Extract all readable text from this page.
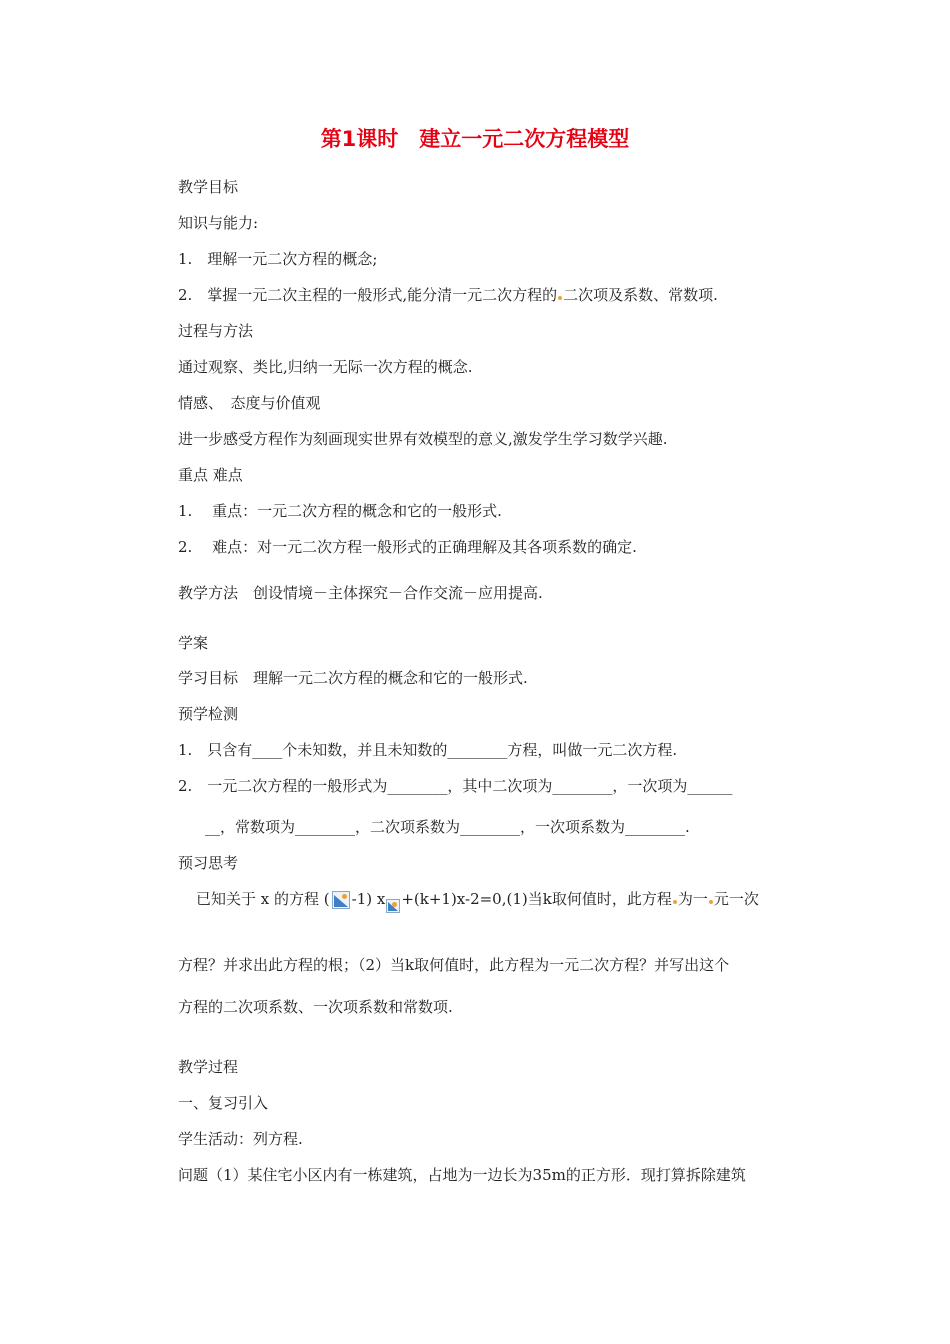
第1课时　建立一元二次方程模型
教学目标
知识与能力:
1.　理解一元二次方程的概念;
2.　掌握一元二次主程的一般形式,能分清一元二次方程的 二次项及系数、常数项.
过程与方法
通过观察、类比,归纳一无际一次方程的概念.
情感、　态度与价值观
进一步感受方程作为刻画现实世界有效模型的意义,激发学生学习数学兴趣.
重点 难点
1.　 重点：一元二次方程的概念和它的一般形式.
2.　 难点：对一元二次方程一般形式的正确理解及其各项系数的确定.
教学方法　创设情境－主体探究－合作交流－应用提高.
学案
学习目标　理解一元二次方程的概念和它的一般形式.
预学检测
1.　只含有____个未知数，并且未知数的________方程，叫做一元二次方程.
2.　一元二次方程的一般形式为________，其中二次项为________，一次项为______
__，常数项为________，二次项系数为________，一次项系数为________.
预习思考
已知关于 x 的方程 ( -1) x +(k+1)x-2=0,(1)当k取何值时，此方程 为一 元一次
方程？并求出此方程的根；（2）当k取何值时，此方程为一元二次方程？并写出这个
方程的二次项系数、一次项系数和常数项.
教学过程
一、复习引入
学生活动：列方程.
问题（1）某住宅小区内有一栋建筑，占地为一边长为35m的正方形．现打算拆除建筑
